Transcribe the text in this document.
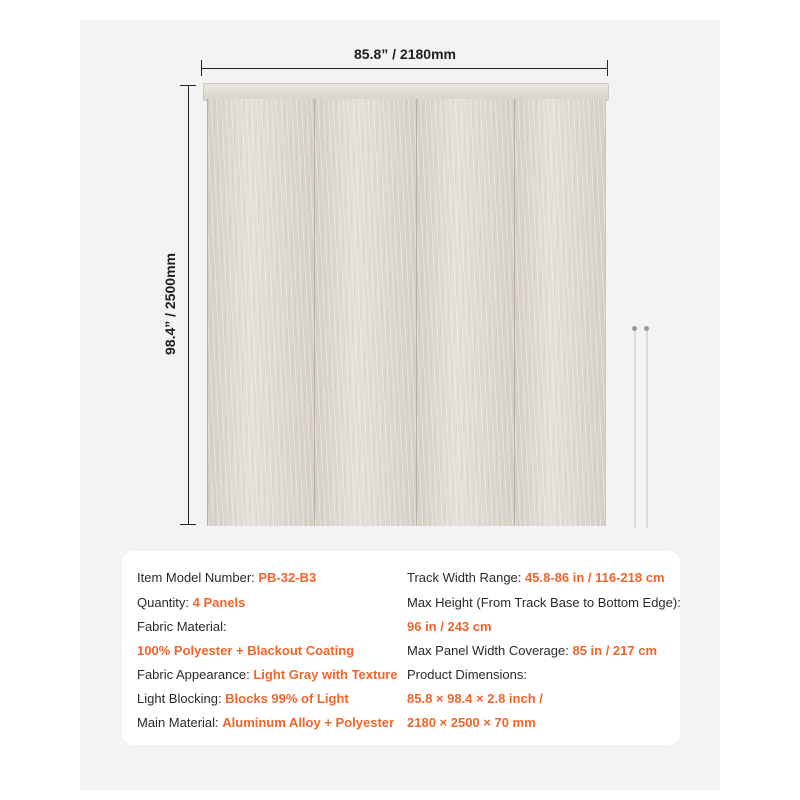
85.8” / 2180mm
98.4” / 2500mm
Item Model Number: PB-32-B3
Quantity: 4 Panels
Fabric Material:
100% Polyester + Blackout Coating
Fabric Appearance: Light Gray with Texture
Light Blocking: Blocks 99% of Light
Main Material: Aluminum Alloy + Polyester
Track Width Range: 45.8-86 in / 116-218 cm
Max Height (From Track Base to Bottom Edge):
96 in / 243 cm
Max Panel Width Coverage: 85 in / 217 cm
Product Dimensions:
85.8 × 98.4 × 2.8 inch /
2180 × 2500 × 70 mm
